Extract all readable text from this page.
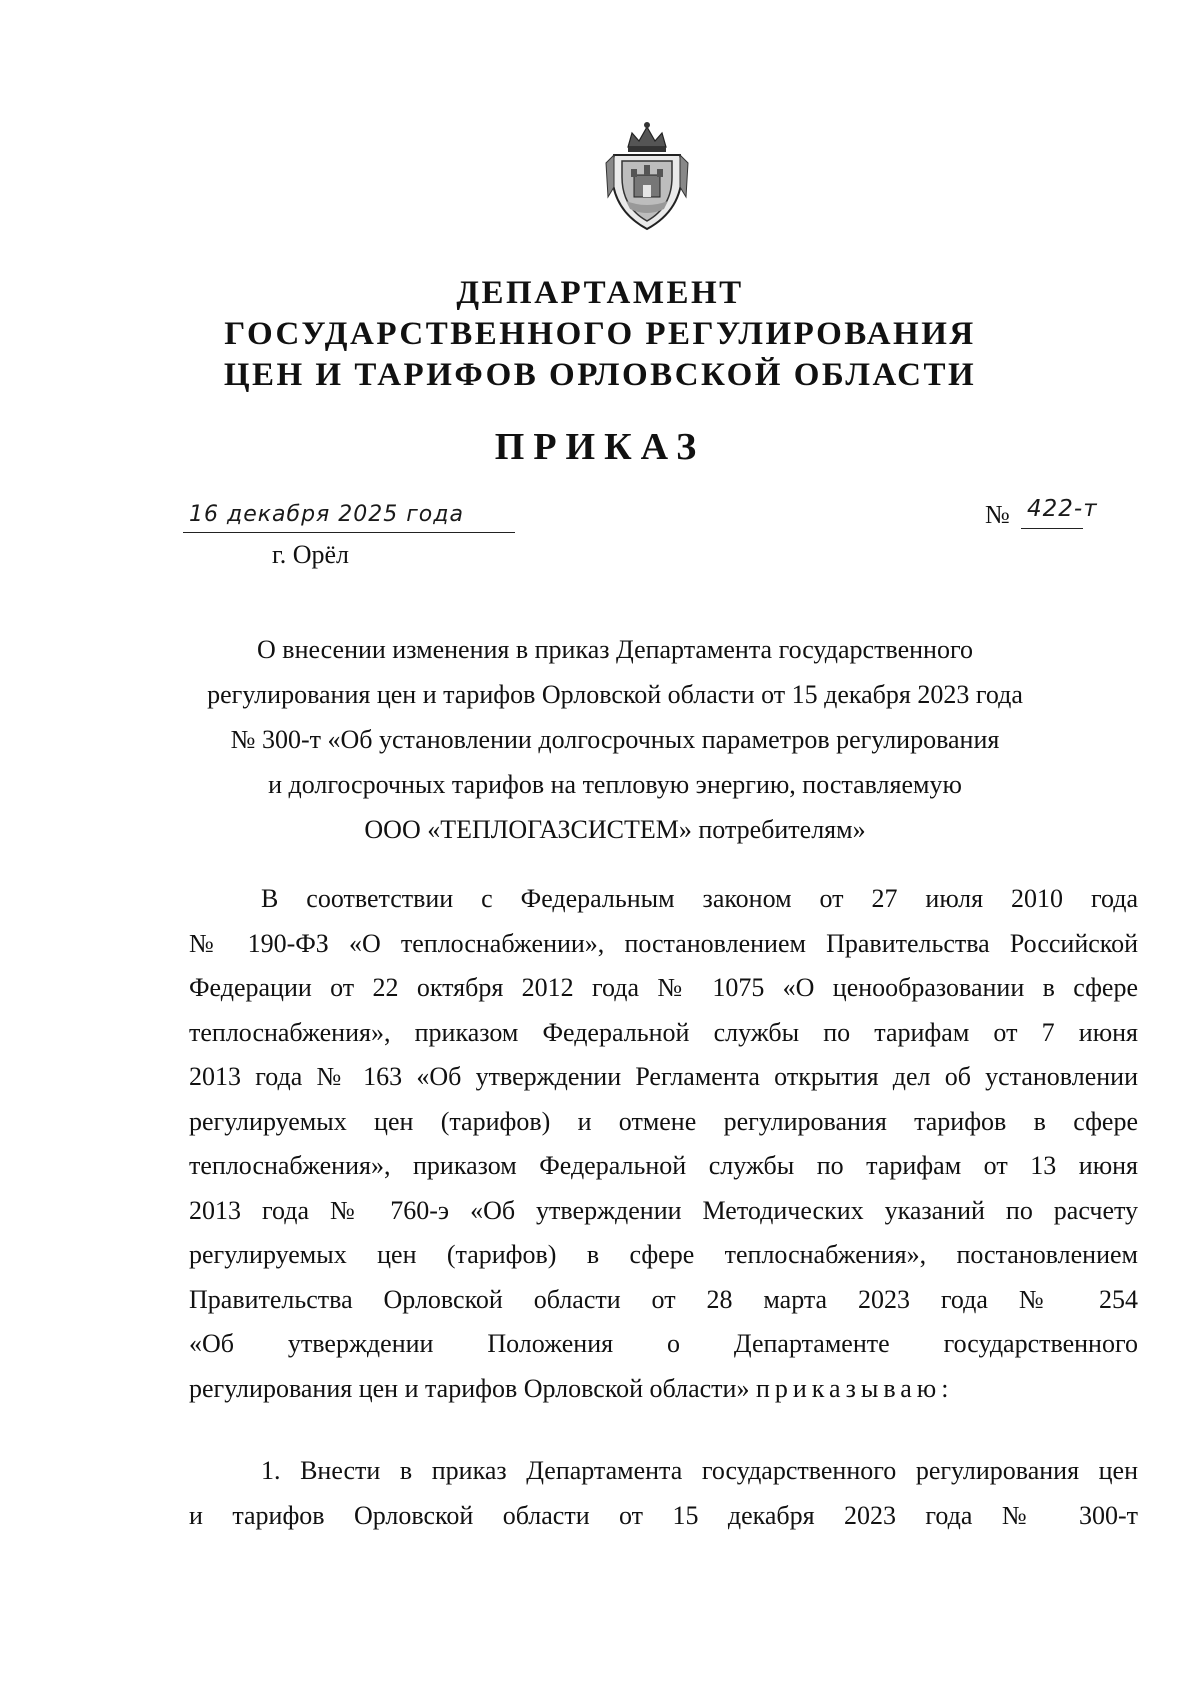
ДЕПАРТАМЕНТ
ГОСУДАРСТВЕННОГО РЕГУЛИРОВАНИЯ
ЦЕН И ТАРИФОВ ОРЛОВСКОЙ ОБЛАСТИ
ПРИКАЗ
16 декабря 2025 года	№ 422-т
г. Орёл
О внесении изменения в приказ Департамента государственного
регулирования цен и тарифов Орловской области от 15 декабря 2023 года
№ 300-т «Об установлении долгосрочных параметров регулирования
и долгосрочных тарифов на тепловую энергию, поставляемую
ООО «ТЕПЛОГАЗСИСТЕМ» потребителям»
В соответствии с Федеральным законом от 27 июля 2010 года
№ 190-ФЗ «О теплоснабжении», постановлением Правительства Российской
Федерации от 22 октября 2012 года № 1075 «О ценообразовании в сфере
теплоснабжения», приказом Федеральной службы по тарифам от 7 июня
2013 года № 163 «Об утверждении Регламента открытия дел об установлении
регулируемых цен (тарифов) и отмене регулирования тарифов в сфере
теплоснабжения», приказом Федеральной службы по тарифам от 13 июня
2013 года № 760-э «Об утверждении Методических указаний по расчету
регулируемых цен (тарифов) в сфере теплоснабжения», постановлением
Правительства Орловской области от 28 марта 2023 года № 254
«Об утверждении Положения о Департаменте государственного
регулирования цен и тарифов Орловской области» приказываю:
1. Внести в приказ Департамента государственного регулирования цен
и тарифов Орловской области от 15 декабря 2023 года № 300-т
